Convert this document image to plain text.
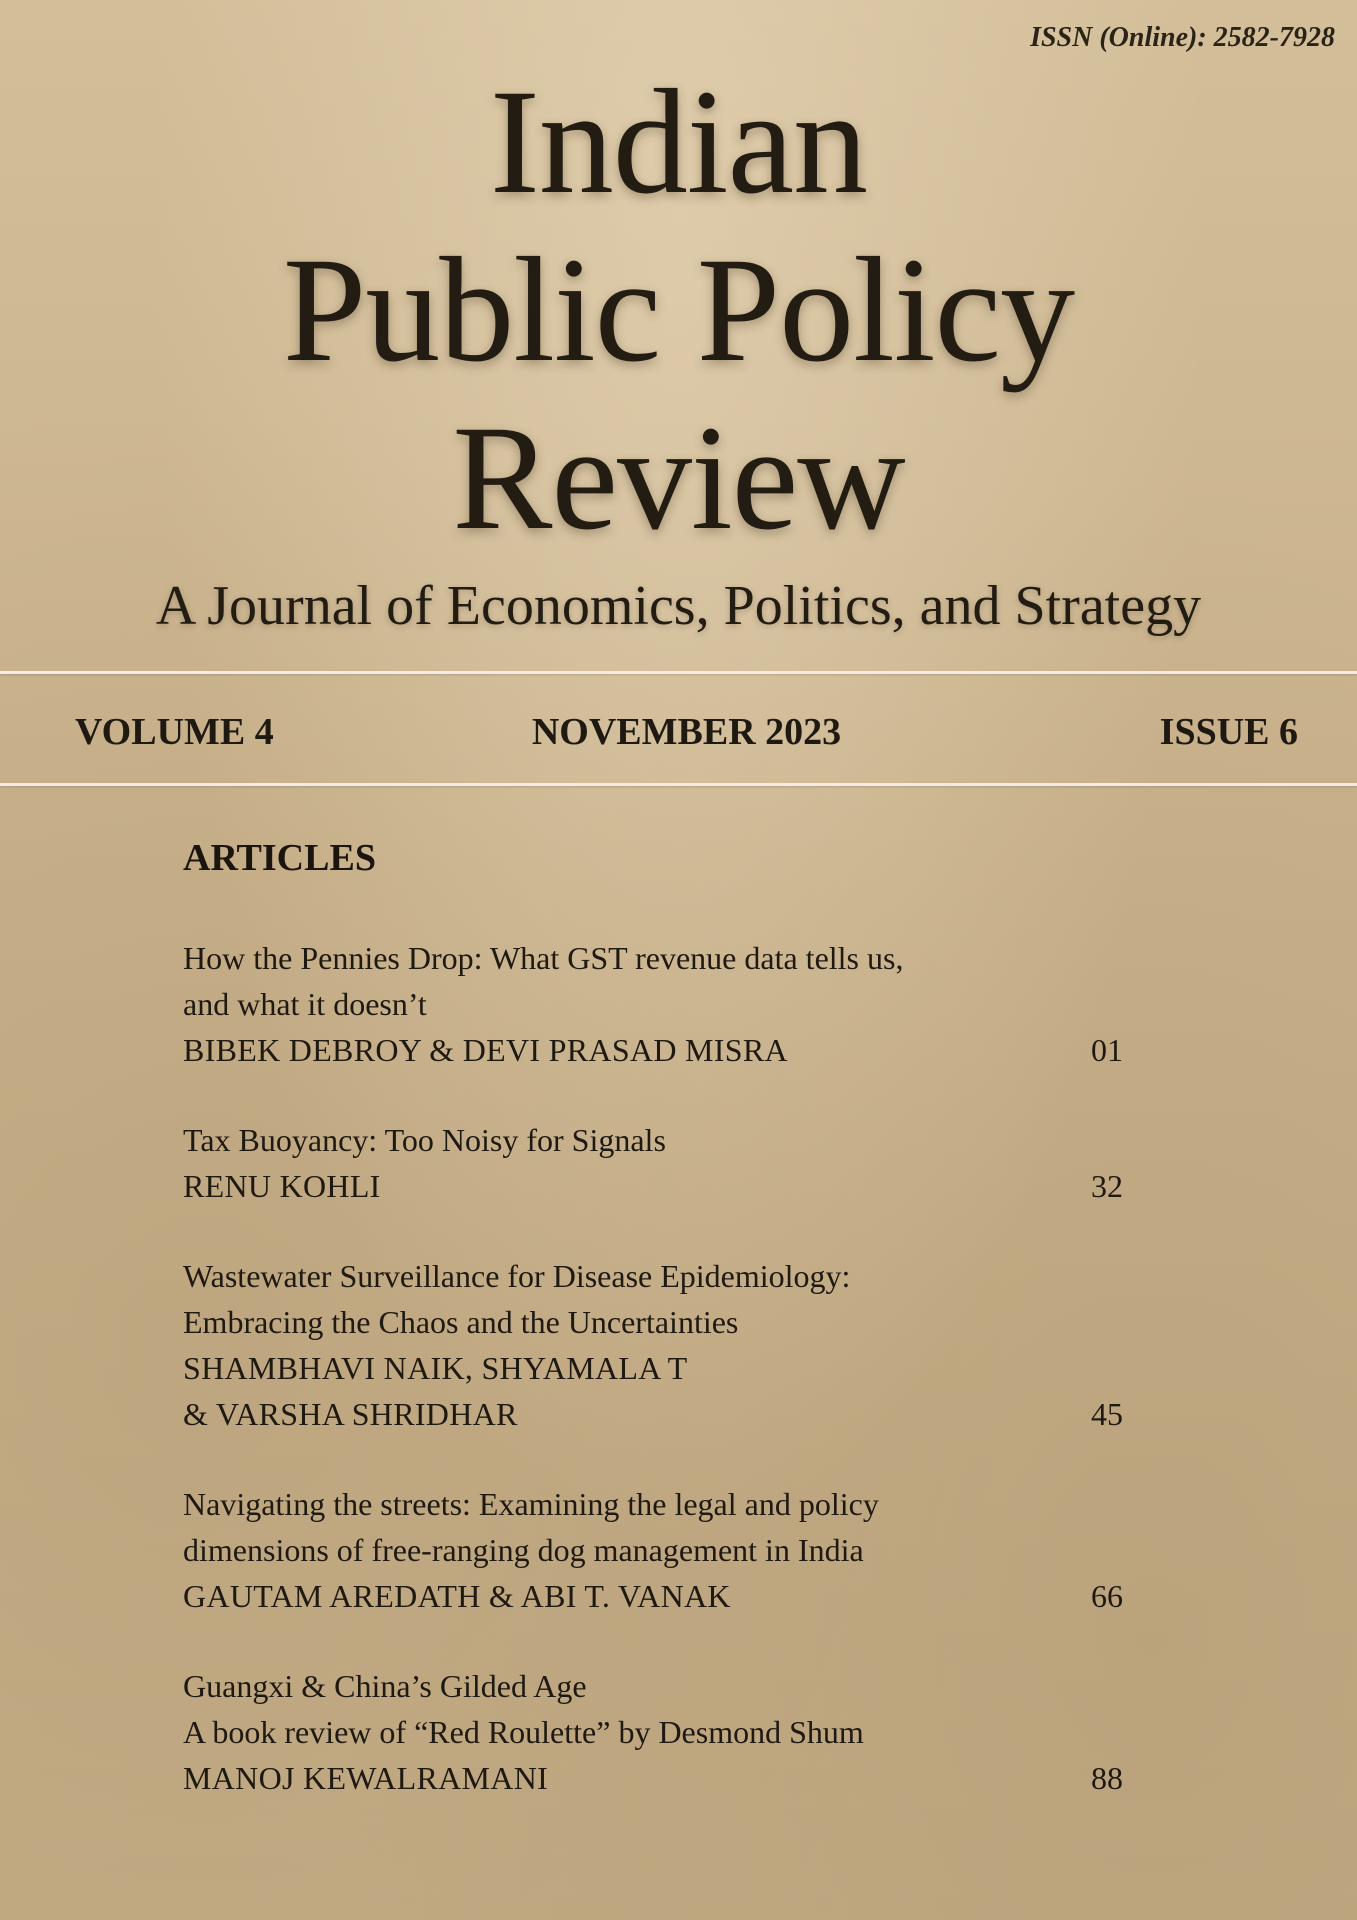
ISSN (Online): 2582-7928
Indian
Public Policy
Review
A Journal of Economics, Politics, and Strategy
VOLUME 4	NOVEMBER 2023	ISSUE 6
ARTICLES
How the Pennies Drop: What GST revenue data tells us,
and what it doesn’t
BIBEK DEBROY & DEVI PRASAD MISRA	01
Tax Buoyancy: Too Noisy for Signals
RENU KOHLI	32
Wastewater Surveillance for Disease Epidemiology:
Embracing the Chaos and the Uncertainties
SHAMBHAVI NAIK, SHYAMALA T
& VARSHA SHRIDHAR	45
Navigating the streets: Examining the legal and policy
dimensions of free-ranging dog management in India
GAUTAM AREDATH & ABI T. VANAK	66
Guangxi & China’s Gilded Age
A book review of “Red Roulette” by Desmond Shum
MANOJ KEWALRAMANI	88
